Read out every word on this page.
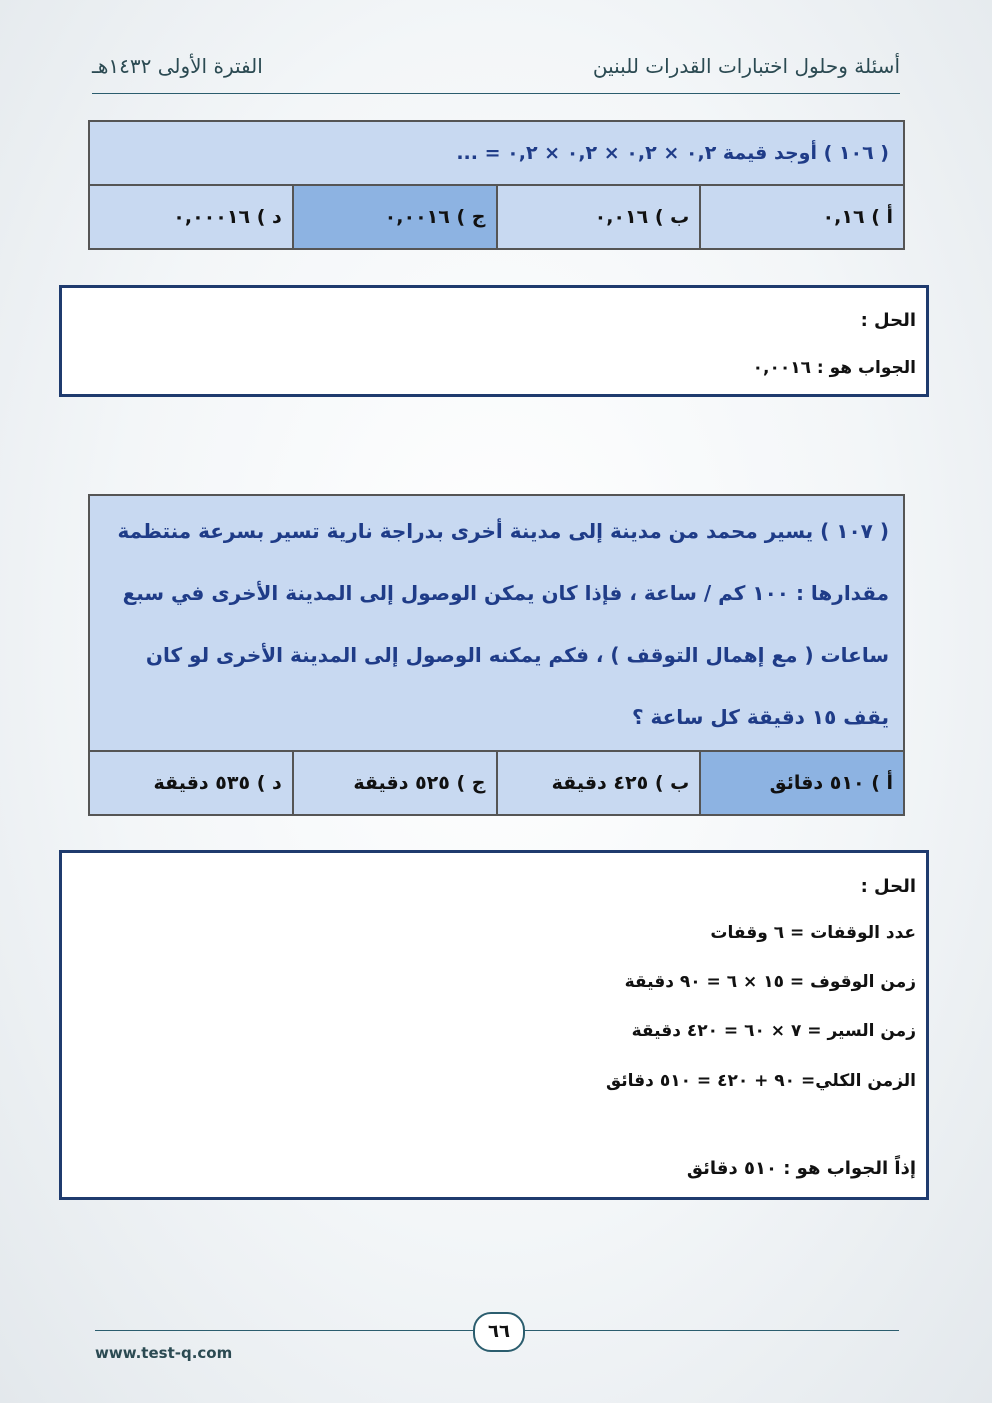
أسئلة وحلول اختبارات القدرات للبنين
الفترة الأولى ١٤٣٢هـ
( ١٠٦ ) أوجد قيمة ٠,٢ × ٠,٢ × ٠,٢ × ٠,٢ = ...
أ ) ٠,١٦	ب ) ٠,٠١٦	ج ) ٠,٠٠١٦	د ) ٠,٠٠٠١٦
الحل :
الجواب هو : ٠,٠٠١٦
( ١٠٧ ) يسير محمد من مدينة إلى مدينة أخرى بدراجة نارية تسير بسرعة منتظمة مقدارها : ١٠٠ كم / ساعة ، فإذا كان يمكن الوصول إلى المدينة الأخرى في سبع ساعات ( مع إهمال التوقف ) ، فكم يمكنه الوصول إلى المدينة الأخرى لو كان يقف ١٥ دقيقة كل ساعة ؟
أ ) ٥١٠ دقائق	ب ) ٤٢٥ دقيقة	ج ) ٥٢٥ دقيقة	د ) ٥٣٥ دقيقة
الحل :
عدد الوقفات = ٦ وقفات
زمن الوقوف = ١٥ × ٦ = ٩٠ دقيقة
زمن السير = ٧ × ٦٠ = ٤٢٠ دقيقة
الزمن الكلي= ٩٠ + ٤٢٠ = ٥١٠ دقائق
إذاً الجواب هو : ٥١٠ دقائق
٦٦
www.test-q.com
